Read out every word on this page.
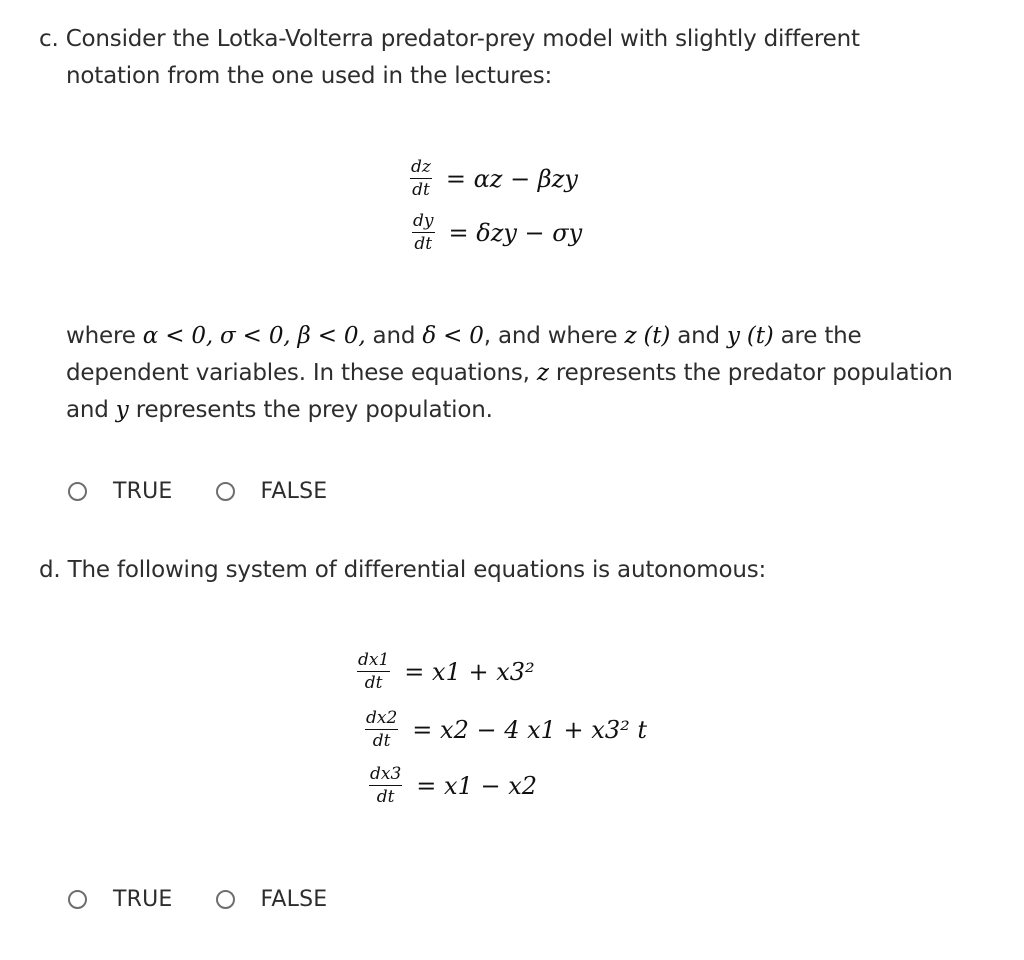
c. Consider the Lotka-Volterra predator-prey model with slightly different

notation from the one used in the lectures:

$\frac{dz}{dt} = \alpha z - \beta zy$
$\frac{dy}{dt} = \delta zy - \sigma y$

where α < 0, σ < 0, β < 0, and δ < 0, and where z (t) and y (t) are the

dependent variables. In these equations, z represents the predator population

and y represents the prey population.

TRUE	FALSE

d. The following system of differential equations is autonomous:

$\frac{dx1}{dt} = x1 + x3^2$
$\frac{dx2}{dt} = x2 - 4$ x1 + x3² t
$\frac{dx3}{dt} = x1 - x2$
TRUE	FALSE
